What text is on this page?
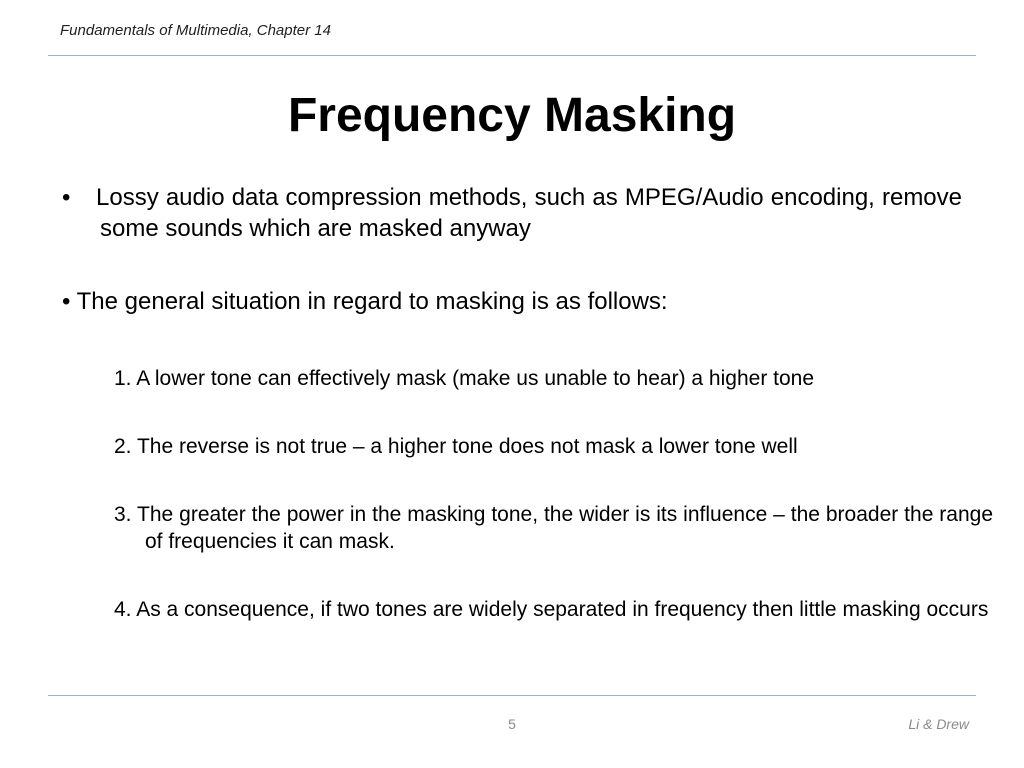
Fundamentals of Multimedia, Chapter 14
Frequency Masking
• Lossy audio data compression methods, such as MPEG/Audio encoding, remove some sounds which are masked anyway
• The general situation in regard to masking is as follows:
1. A lower tone can effectively mask (make us unable to hear) a higher tone
2. The reverse is not true – a higher tone does not mask a lower tone well
3. The greater the power in the masking tone, the wider is its influence – the broader the range of frequencies it can mask.
4. As a consequence, if two tones are widely separated in frequency then little masking occurs
5	Li & Drew
